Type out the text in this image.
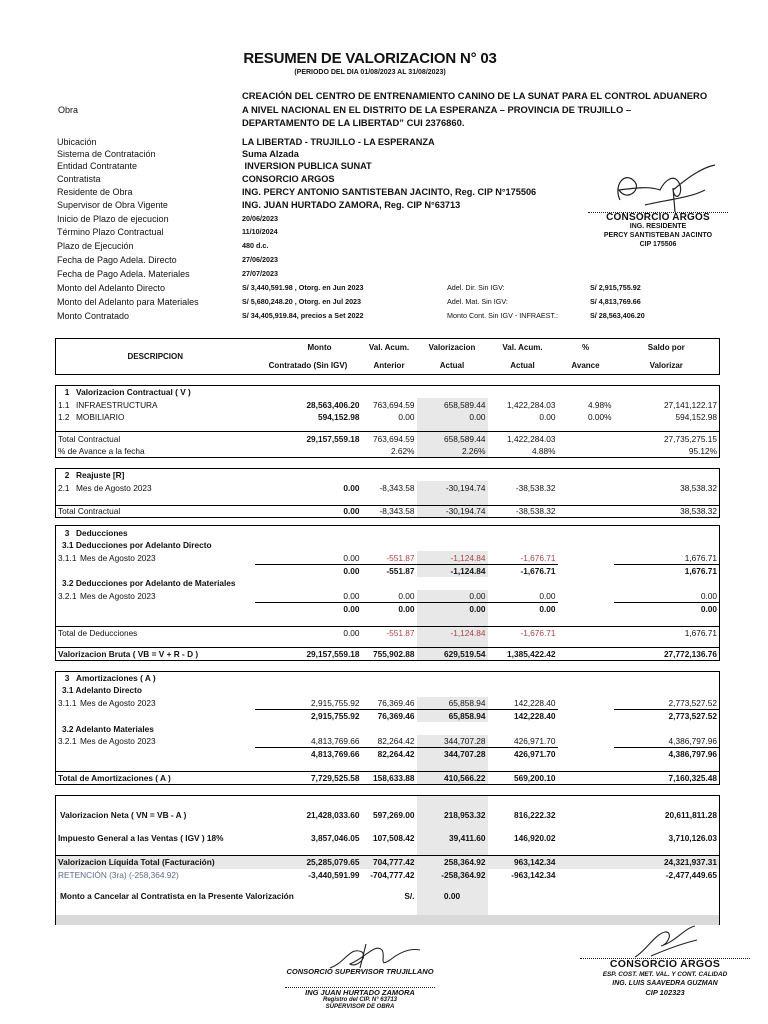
RESUMEN DE VALORIZACION N° 03
(PERIODO DEL DIA 01/08/2023 AL 31/08/2023)
Obra
CREACIÓN DEL CENTRO DE ENTRENAMIENTO CANINO DE LA SUNAT PARA EL CONTROL ADUANERO
A NIVEL NACIONAL EN EL DISTRITO DE LA ESPERANZA – PROVINCIA DE TRUJILLO –
DEPARTAMENTO DE LA LIBERTAD” CUI 2376860.
Ubicación	LA LIBERTAD - TRUJILLO - LA ESPERANZA
Sistema de Contratación	Suma Alzada
Entidad Contratante	INVERSION PUBLICA SUNAT
Contratista	CONSORCIO ARGOS
Residente de Obra	ING. PERCY ANTONIO SANTISTEBAN JACINTO, Reg. CIP N°175506
Supervisor de Obra Vigente	ING. JUAN HURTADO ZAMORA, Reg. CIP N°63713
Inicio de Plazo de ejecucion	20/06/2023
Término Plazo Contractual	11/10/2024
Plazo de Ejecución	480 d.c.
Fecha de Pago Adela. Directo	27/06/2023
Fecha de Pago Adela. Materiales	27/07/2023
Monto del Adelanto Directo	S/ 3,440,591.98 , Otorg. en Jun 2023	Adel. Dir. Sin IGV:	S/ 2,915,755.92
Monto del Adelanto para Materiales	S/ 5,680,248.20 , Otorg. en Jul 2023	Adel. Mat. Sin IGV:	S/ 4,813,769.66
Monto Contratado	S/ 34,405,919.84, precios a Set 2022	Monto Cont. Sin IGV - INFRAEST.:	S/ 28,563,406.20
CONSORCIO ARGOS
ING. RESIDENTE
PERCY SANTISTEBAN JACINTO
CIP 175506
DESCRIPCION	Monto	Val. Acum.	Valorizacion	Val. Acum.	%	Saldo por
	Contratado (Sin IGV)	Anterior	Actual	Actual	Avance	Valorizar

1 Valorizacion Contractual ( V )						
1.1 INFRAESTRUCTURA	28,563,406.20	763,694.59	658,589.44	1,422,284.03	4.98%	27,141,122.17
1.2 MOBILIARIO	594,152.98	0.00	0.00	0.00	0.00%	594,152.98

Total Contractual	29,157,559.18	763,694.59	658,589.44	1,422,284.03		27,735,275.15
% de Avance a la fecha		2.62%	2.26%	4.88%		95.12%

2 Reajuste [R]						
2.1 Mes de Agosto 2023	0.00	-8,343.58	-30,194.74	-38,538.32		38,538.32

Total Contractual	0.00	-8,343.58	-30,194.74	-38,538.32		38,538.32

3 Deducciones						
3.1 Deducciones por Adelanto Directo						
3.1.1 Mes de Agosto 2023	0.00	-551.87	-1,124.84	-1,676.71		1,676.71
	0.00	-551.87	-1,124.84	-1,676.71		1,676.71
3.2 Deducciones por Adelanto de Materiales						
3.2.1 Mes de Agosto 2023	0.00	0.00	0.00	0.00		0.00
	0.00	0.00	0.00	0.00		0.00

Total de Deducciones	0.00	-551.87	-1,124.84	-1,676.71		1,676.71

Valorizacion Bruta ( VB = V + R - D )	29,157,559.18	755,902.88	629,519.54	1,385,422.42		27,772,136.76

3 Amortizaciones ( A )						
3.1 Adelanto Directo						
3.1.1 Mes de Agosto 2023	2,915,755.92	76,369.46	65,858.94	142,228.40		2,773,527.52
	2,915,755.92	76,369.46	65,858.94	142,228.40		2,773,527.52
3.2 Adelanto Materiales						
3.2.1 Mes de Agosto 2023	4,813,769.66	82,264.42	344,707.28	426,971.70		4,386,797.96
	4,813,769.66	82,264.42	344,707.28	426,971.70		4,386,797.96

Total de Amortizaciones ( A )	7,729,525.58	158,633.88	410,566.22	569,200.10		7,160,325.48

Valorizacion Neta ( VN = VB - A )	21,428,033.60	597,269.00	218,953.32	816,222.32		20,611,811.28

Impuesto General a las Ventas ( IGV ) 18%	3,857,046.05	107,508.42	39,411.60	146,920.02		3,710,126.03

Valorizacion Líquida Total (Facturación)	25,285,079.65	704,777.42	258,364.92	963,142.34		24,321,937.31
RETENCIÓN (3ra) (-258,364.92)	-3,440,591.99	-704,777.42	-258,364.92	-963,142.34		-2,477,449.65

Monto a Cancelar al Contratista en la Presente Valorización		S/.	0.00			

CONSORCIO SUPERVISOR TRUJILLANO
ING JUAN HURTADO ZAMORA
Registro del CIP. N° 63713
SUPERVISOR DE OBRA
CONSORCIO ARGOS
ESP. COST. MET. VAL. Y CONT. CALIDAD
ING. LUIS SAAVEDRA GUZMAN
CIP 102323
